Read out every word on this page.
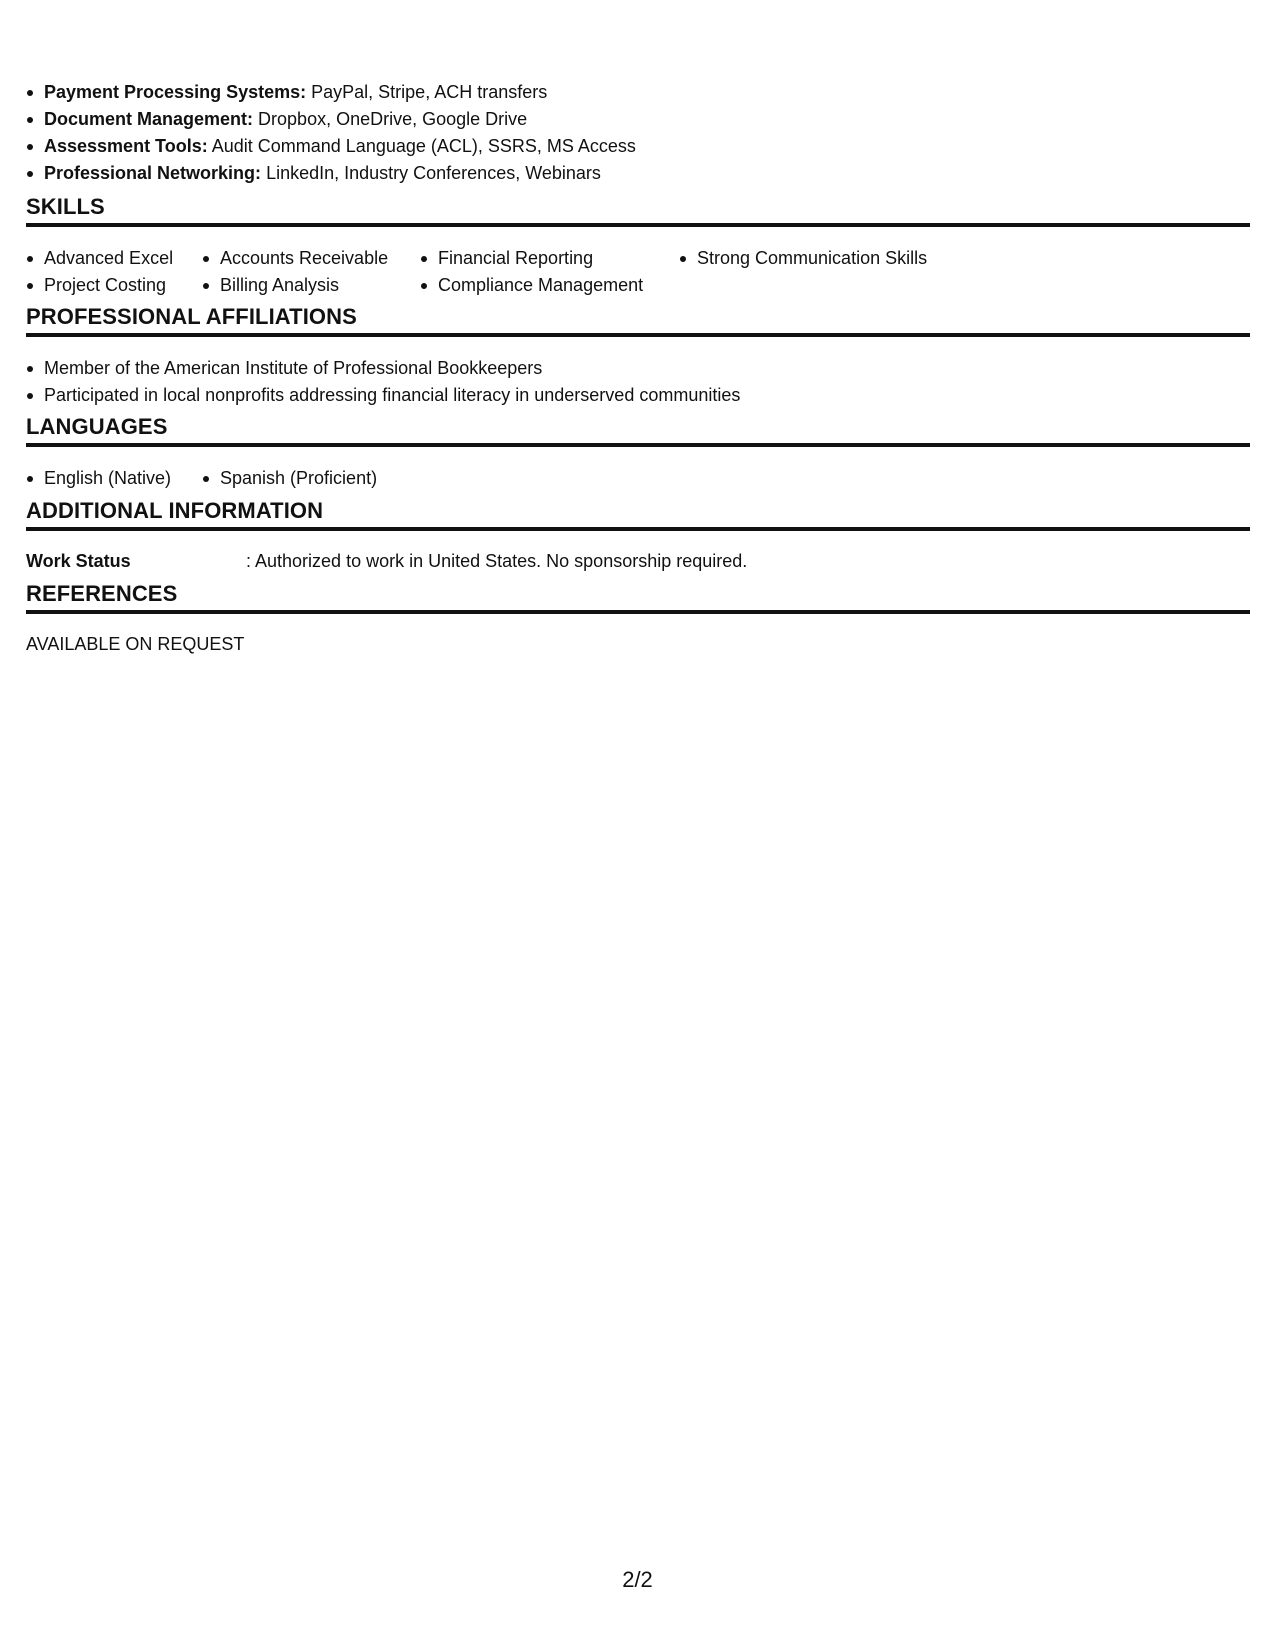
Payment Processing Systems: PayPal, Stripe, ACH transfers
Document Management: Dropbox, OneDrive, Google Drive
Assessment Tools: Audit Command Language (ACL), SSRS, MS Access
Professional Networking: LinkedIn, Industry Conferences, Webinars
SKILLS
Advanced Excel
Project Costing
Accounts Receivable
Billing Analysis
Financial Reporting
Compliance Management
Strong Communication Skills
PROFESSIONAL AFFILIATIONS
Member of the American Institute of Professional Bookkeepers
Participated in local nonprofits addressing financial literacy in underserved communities
LANGUAGES
English (Native)	Spanish (Proficient)
ADDITIONAL INFORMATION
Work Status	: Authorized to work in United States. No sponsorship required.
REFERENCES
AVAILABLE ON REQUEST
2/2
